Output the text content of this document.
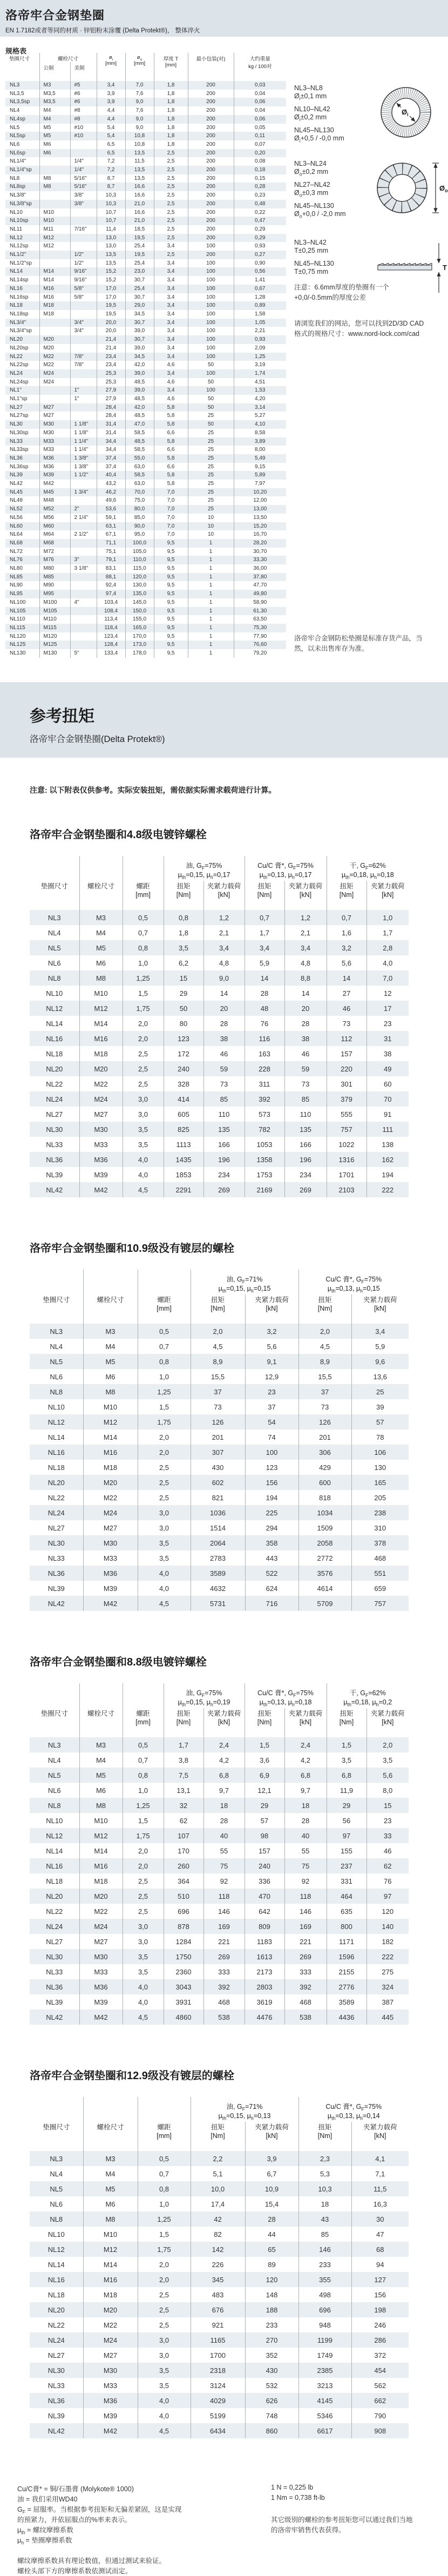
洛帝牢合金钢垫圈
EN 1.7182或者等同的材质 · 锌铝粉末涂覆 (Delta Protekt®)， 整体淬火
规格表
垫圈尺寸	螺栓尺寸		$ø_i$
[mm]	$ø_o$
[mm]	厚度 T
[mm]	最小包装(对)	大约重量
kg / 100对
	公制	美制					
NL3	M3	#5	3,4	7,0	1,8	200	0,03
NL3,5	M3,5	#6	3,9	7,6	1,8	200	0,04
NL3,5sp	M3,5	#6	3,9	9,0	1,8	200	0,06
NL4	M4	#8	4,4	7,6	1,8	200	0,04
NL4sp	M4	#8	4,4	9,0	1,8	200	0,06
NL5	M5	#10	5,4	9,0	1,8	200	0,05
NL5sp	M5	#10	5,4	10,8	1,8	200	0,11
NL6	M6		6,5	10,8	1,8	200	0,07
NL6sp	M6		6,5	13,5	2,5	200	0,20
NL1/4"		1/4"	7,2	11,5	2,5	200	0,08
NL1/4"sp		1/4"	7,2	13,5	2,5	200	0,18
NL8	M8	5/16"	8,7	13,5	2,5	200	0,15
NL8sp	M8	5/16"	8,7	16,6	2,5	200	0,28
NL3/8"		3/8"	10,3	16,6	2,5	200	0,23
NL3/8"sp		3/8"	10,3	21,0	2,5	200	0,48
NL10	M10		10,7	16,6	2,5	200	0,22
NL10sp	M10		10,7	21,0	2,5	200	0,47
NL11	M11	7/16"	11,4	18,5	2,5	200	0,29
NL12	M12		13,0	19,5	2,5	200	0,29
NL12sp	M12		13,0	25,4	3,4	100	0,93
NL1/2"		1/2"	13,5	19,5	2,5	200	0,27
NL1/2"sp		1/2"	13,5	25,4	3,4	100	0,90
NL14	M14	9/16"	15,2	23,0	3,4	100	0,56
NL14sp	M14	9/16"	15,2	30,7	3,4	100	1,41
NL16	M16	5/8"	17,0	25,4	3,4	100	0,67
NL16sp	M16	5/8"	17,0	30,7	3,4	100	1,28
NL18	M18		19,5	29,0	3,4	100	0,89
NL18sp	M18		19,5	34,5	3,4	100	1,58
NL3/4"		3/4"	20,0	30,7	3,4	100	1,05
NL3/4"sp		3/4"	20,0	39,0	3,4	100	2,21
NL20	M20		21,4	30,7	3,4	100	0,93
NL20sp	M20		21,4	39,0	3,4	100	2,09
NL22	M22	7/8"	23,4	34,5	3,4	100	1,25
NL22sp	M22	7/8"	23,4	42,0	4,6	50	3,19
NL24	M24		25,3	39,0	3,4	100	1,74
NL24sp	M24		25,3	48,5	4,6	50	4,51
NL1"		1"	27,9	39,0	3,4	100	1,53
NL1"sp		1"	27,9	48,5	4,6	50	4,20
NL27	M27		28,4	42,0	5,8	50	3,14
NL27sp	M27		28,4	48,5	5,8	25	5,27
NL30	M30	1 1/8"	31,4	47,0	5,8	50	4,10
NL30sp	M30	1 1/8"	31,4	58,5	6,6	25	8,58
NL33	M33	1 1/4"	34,4	48,5	5,8	25	3,89
NL33sp	M33	1 1/4"	34,4	58,5	6,6	25	8,00
NL36	M36	1 3/8"	37,4	55,0	5,8	25	5,49
NL36sp	M36	1 3/8"	37,4	63,0	6,6	25	9,15
NL39	M39	1 1/2"	40,4	58,5	5,8	25	5,89
NL42	M42		43,2	63,0	5,8	25	7,97
NL45	M45	1 3/4"	46,2	70,0	7,0	25	10,20
NL48	M48		49,6	75,0	7,0	25	12,00
NL52	M52	2"	53,6	80,0	7,0	25	13,00
NL56	M56	2 1/4"	59,1	85,0	7,0	10	13,50
NL60	M60		63,1	90,0	7,0	10	15,20
NL64	M64	2 1/2"	67,1	95,0	7,0	10	16,70
NL68	M68		71,1	100,0	9,5	1	28,20
NL72	M72		75,1	105,0	9,5	1	30,70
NL76	M76	3"	79,1	110,0	9,5	1	33,30
NL80	M80	3 1/8"	83,1	115,0	9,5	1	36,00
NL85	M85		88,1	120,0	9,5	1	37,80
NL90	M90		92,4	130,0	9,5	1	47,70
NL95	M95		97,4	135,0	9,5	1	49,80
NL100	M100	4"	103,4	145,0	9,5	1	58,90
NL105	M105		108,4	150,0	9,5	1	61,30
NL110	M110		113,4	155,0	9,5	1	63,50
NL115	M115		118,4	165,0	9,5	1	75,30
NL120	M120		123,4	170,0	9,5	1	77,90
NL125	M125		128,4	173,0	9,5	1	76,60
NL130	M130	5"	133,4	178,0	9,5	1	79,20
NL3–NL8
$Ø_i\pm 0,1$ mm
NL10–NL42
$Ø_i\pm 0,2$ mm
NL45–NL130
$Ø_i+0,5 / -0,0$ mm
$Ø_i$
NL3–NL24
$Ø_o\pm 0,2$ mm
NL27–NL42
$Ø_o\pm 0,3$ mm
NL45–NL130
$Ø_o+0,0 / -2,0$ mm
$Ø_o$
NL3–NL42
T±0,25 mm
NL45–NL130
T±0,75 mm	T
注意：6.6mm厚度的垫圈有一个
+0,0/-0.5mm的厚度公差
请浏览我们的网站，您可以找到2D/3D CAD
格式的规格尺寸：www.nord-lock.com/cad
洛帝牢合金钢防松垫圈是标准存货产品，当
然，以未出售库存为准。
参考扭矩
洛帝牢合金钢垫圈(Delta Protekt®)

注意: 以下附表仅供参考。实际安装扭矩，需依据实际需求载荷进行计算。

洛帝牢合金钢垫圈和4.8级电镀锌螺栓
			油, $G_F=75\%$
$\mu_{th}=0,15$, $\mu_h=0,17$		Cu/C 膏*, $G_F=75\%$
$\mu_{th}=0,13$, $\mu_h=0,17$		干, $G_F=62\%$
$\mu_{th}=0,18$, $\mu_h=0,18$	
垫圈尺寸	螺栓尺寸	螺距
[mm]	扭矩
[Nm]	夹紧力载荷
[kN]	扭矩
[Nm]	夹紧力载荷
[kN]	扭矩
[Nm]	夹紧力载荷
[kN]
NL3	M3	0,5	0,8	1,2	0,7	1,2	0,7	1,0
NL4	M4	0,7	1,8	2,1	1,7	2,1	1,6	1,7
NL5	M5	0,8	3,5	3,4	3,4	3,4	3,2	2,8
NL6	M6	1,0	6,2	4,8	5,9	4,8	5,6	4,0
NL8	M8	1,25	15	9,0	14	8,8	14	7,0
NL10	M10	1,5	29	14	28	14	27	12
NL12	M12	1,75	50	20	48	20	46	17
NL14	M14	2,0	80	28	76	28	73	23
NL16	M16	2,0	123	38	116	38	112	31
NL18	M18	2,5	172	46	163	46	157	38
NL20	M20	2,5	240	59	228	59	220	49
NL22	M22	2,5	328	73	311	73	301	60
NL24	M24	3,0	414	85	392	85	379	70
NL27	M27	3,0	605	110	573	110	555	91
NL30	M30	3,5	825	135	782	135	757	111
NL33	M33	3,5	1113	166	1053	166	1022	138
NL36	M36	4,0	1435	196	1358	196	1316	162
NL39	M39	4,0	1853	234	1753	234	1701	194
NL42	M42	4,5	2291	269	2169	269	2103	222
洛帝牢合金钢垫圈和10.9级没有镀层的螺栓
			油, $G_F=71\%$
$\mu_{th}=0,15$, $\mu_h=0,15$		Cu/C 膏*, $G_F=75\%$
$\mu_{th}=0,13$, $\mu_h=0,15$	
垫圈尺寸	螺栓尺寸	螺距
[mm]	扭矩
[Nm]	夹紧力载荷
[kN]	扭矩
[Nm]	夹紧力载荷
[kN]
NL3	M3	0,5	2,0	3,2	2,0	3,4
NL4	M4	0,7	4,5	5,6	4,5	5,9
NL5	M5	0,8	8,9	9,1	8,9	9,6
NL6	M6	1,0	15,5	12,9	15,5	13,6
NL8	M8	1,25	37	23	37	25
NL10	M10	1,5	73	37	73	39
NL12	M12	1,75	126	54	126	57
NL14	M14	2,0	201	74	201	78
NL16	M16	2,0	307	100	306	106
NL18	M18	2,5	430	123	429	130
NL20	M20	2,5	602	156	600	165
NL22	M22	2,5	821	194	818	205
NL24	M24	3,0	1036	225	1034	238
NL27	M27	3,0	1514	294	1509	310
NL30	M30	3,5	2064	358	2058	378
NL33	M33	3,5	2783	443	2772	468
NL36	M36	4,0	3589	522	3576	551
NL39	M39	4,0	4632	624	4614	659
NL42	M42	4,5	5731	716	5709	757
洛帝牢合金钢垫圈和8.8级电镀锌螺栓
			油, $G_F=75\%$
$\mu_{th}=0,15$, $\mu_h=0,19$		Cu/C 膏*, $G_F=75\%$
$\mu_{th}=0,13$, $\mu_h=0,18$		干, $G_F=62\%$
$\mu_{th}=0,18$, $\mu_h=0,2$	
垫圈尺寸	螺栓尺寸	螺距
[mm]	扭矩
[Nm]	夹紧力载荷
[kN]	扭矩
[Nm]	夹紧力载荷
[kN]	扭矩
[Nm]	夹紧力载荷
[kN]
NL3	M3	0,5	1,7	2,4	1,5	2,4	1,5	2,0
NL4	M4	0,7	3,8	4,2	3,6	4,2	3,5	3,5
NL5	M5	0,8	7,5	6,8	6,9	6,8	6,8	5,6
NL6	M6	1,0	13,1	9,7	12,1	9,7	11,9	8,0
NL8	M8	1,25	32	18	29	18	29	15
NL10	M10	1,5	62	28	57	28	56	23
NL12	M12	1,75	107	40	98	40	97	33
NL14	M14	2,0	170	55	157	55	155	46
NL16	M16	2,0	260	75	240	75	237	62
NL18	M18	2,5	364	92	336	92	331	76
NL20	M20	2,5	510	118	470	118	464	97
NL22	M22	2,5	696	146	642	146	635	120
NL24	M24	3,0	878	169	809	169	800	140
NL27	M27	3,0	1284	221	1183	221	1171	182
NL30	M30	3,5	1750	269	1613	269	1596	222
NL33	M33	3,5	2360	333	2173	333	2155	275
NL36	M36	4,0	3043	392	2803	392	2776	324
NL39	M39	4,0	3931	468	3619	468	3589	387
NL42	M42	4,5	4860	538	4476	538	4436	445
洛帝牢合金钢垫圈和12.9级没有镀层的螺栓
			油, $G_F=71\%$
$\mu_{th}=0,15$, $\mu_h=0,13$		Cu/C 膏*, $G_F=75\%$
$\mu_{th}=0,13$, $\mu_h=0,14$	
垫圈尺寸	螺栓尺寸	螺距
[mm]	扭矩
[Nm]	夹紧力载荷
[kN]	扭矩
[Nm]	夹紧力载荷
[kN]
NL3	M3	0,5	2,2	3,9	2,3	4,1
NL4	M4	0,7	5,1	6,7	5,3	7,1
NL5	M5	0,8	10,0	10,9	10,3	11,5
NL6	M6	1,0	17,4	15,4	18	16,3
NL8	M8	1,25	42	28	43	30
NL10	M10	1,5	82	44	85	47
NL12	M12	1,75	142	65	146	68
NL14	M14	2,0	226	89	233	94
NL16	M16	2,0	345	120	355	127
NL18	M18	2,5	483	148	498	156
NL20	M20	2,5	676	188	696	198
NL22	M22	2,5	921	233	948	246
NL24	M24	3,0	1165	270	1199	286
NL27	M27	3,0	1700	352	1749	372
NL30	M30	3,5	2318	430	2385	454
NL33	M33	3,5	3124	532	3213	562
NL36	M36	4,0	4029	626	4145	662
NL39	M39	4,0	5199	748	5346	790
NL42	M42	4,5	6434	860	6617	908
Cu/C膏* = 铜/石墨膏 (Molykote® 1000)
油 = 我们采用WD40
$G_F$ = 屈服率。当根据参考扭矩和无偏差紧固，这是实现
的预紧力，并依屈服点的%率来表示。
$\mu_{th}$ = 螺纹摩擦系数
$\mu_h$ = 垫圈摩擦系数
螺纹摩擦系数具有理论数值，但通过测试来验证。
螺栓头部下方的摩擦系数依测试而定。
1 N = 0,225 lb
1 Nm = 0,738 ft-lb
其它级别的螺栓的参考扭矩您可以通过我们当地
的洛帝牢销售代表获得。
